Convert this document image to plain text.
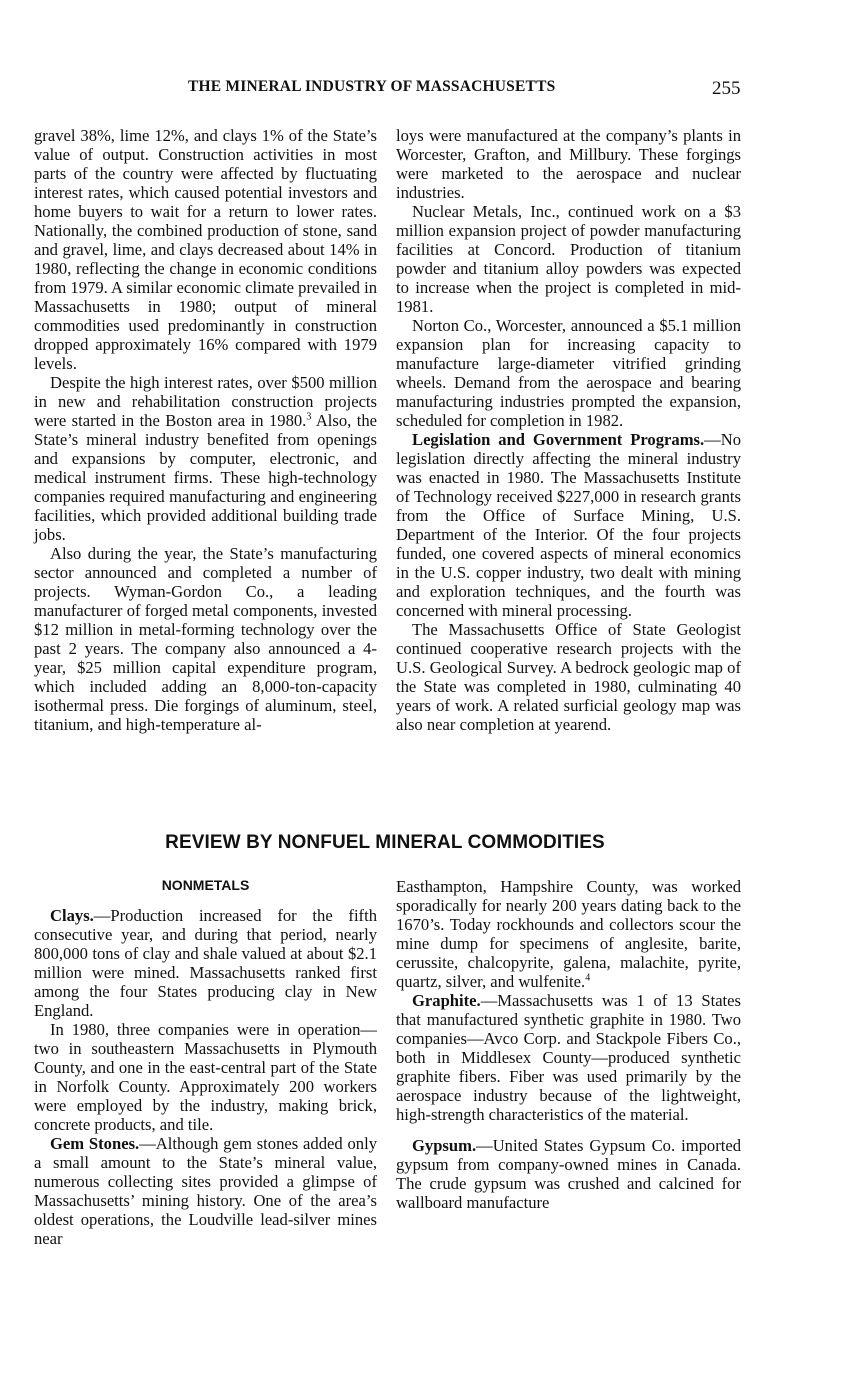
THE MINERAL INDUSTRY OF MASSACHUSETTS	255

gravel 38%, lime 12%, and clays 1% of the State’s value of output. Construction activities in most parts of the country were affected by fluctuating interest rates, which caused potential investors and home buyers to wait for a return to lower rates. Nationally, the combined production of stone, sand and gravel, lime, and clays decreased about 14% in 1980, reflecting the change in economic conditions from 1979. A similar economic climate prevailed in Massachusetts in 1980; output of mineral commodities used predominantly in construction dropped approximately 16% compared with 1979 levels.

Despite the high interest rates, over $500 million in new and rehabilitation construction projects were started in the Boston area in 1980.$^3$ Also, the State’s mineral industry benefited from openings and expansions by computer, electronic, and medical instrument firms. These high-technology companies required manufacturing and engineering facilities, which provided additional building trade jobs.

Also during the year, the State’s manufacturing sector announced and completed a number of projects. Wyman-Gordon Co., a leading manufacturer of forged metal components, invested $12 million in metal-forming technology over the past 2 years. The company also announced a 4-year, $25 million capital expenditure program, which included adding an 8,000-ton-capacity isothermal press. Die forgings of aluminum, steel, titanium, and high-temperature al-

loys were manufactured at the company’s plants in Worcester, Grafton, and Millbury. These forgings were marketed to the aerospace and nuclear industries.

Nuclear Metals, Inc., continued work on a $3 million expansion project of powder manufacturing facilities at Concord. Production of titanium powder and titanium alloy powders was expected to increase when the project is completed in mid-1981.

Norton Co., Worcester, announced a $5.1 million expansion plan for increasing capacity to manufacture large-diameter vitrified grinding wheels. Demand from the aerospace and bearing manufacturing industries prompted the expansion, scheduled for completion in 1982.

Legislation and Government Programs.—No legislation directly affecting the mineral industry was enacted in 1980. The Massachusetts Institute of Technology received $227,000 in research grants from the Office of Surface Mining, U.S. Department of the Interior. Of the four projects funded, one covered aspects of mineral economics in the U.S. copper industry, two dealt with mining and exploration techniques, and the fourth was concerned with mineral processing.

The Massachusetts Office of State Geologist continued cooperative research projects with the U.S. Geological Survey. A bedrock geologic map of the State was completed in 1980, culminating 40 years of work. A related surficial geology map was also near completion at yearend.

REVIEW BY NONFUEL MINERAL COMMODITIES
NONMETALS

Clays.—Production increased for the fifth consecutive year, and during that period, nearly 800,000 tons of clay and shale valued at about $2.1 million were mined. Massachusetts ranked first among the four States producing clay in New England.

In 1980, three companies were in operation—two in southeastern Massachusetts in Plymouth County, and one in the east-central part of the State in Norfolk County. Approximately 200 workers were employed by the industry, making brick, concrete products, and tile.

Gem Stones.—Although gem stones added only a small amount to the State’s mineral value, numerous collecting sites provided a glimpse of Massachusetts’ mining history. One of the area’s oldest operations, the Loudville lead-silver mines near

Easthampton, Hampshire County, was worked sporadically for nearly 200 years dating back to the 1670’s. Today rockhounds and collectors scour the mine dump for specimens of anglesite, barite, cerussite, chalcopyrite, galena, malachite, pyrite, quartz, silver, and wulfenite.$^4$

Graphite.—Massachusetts was 1 of 13 States that manufactured synthetic graphite in 1980. Two companies—Avco Corp. and Stackpole Fibers Co., both in Middlesex County—produced synthetic graphite fibers. Fiber was used primarily by the aerospace industry because of the lightweight, high-strength characteristics of the material.

Gypsum.—United States Gypsum Co. imported gypsum from company-owned mines in Canada. The crude gypsum was crushed and calcined for wallboard manufacture
